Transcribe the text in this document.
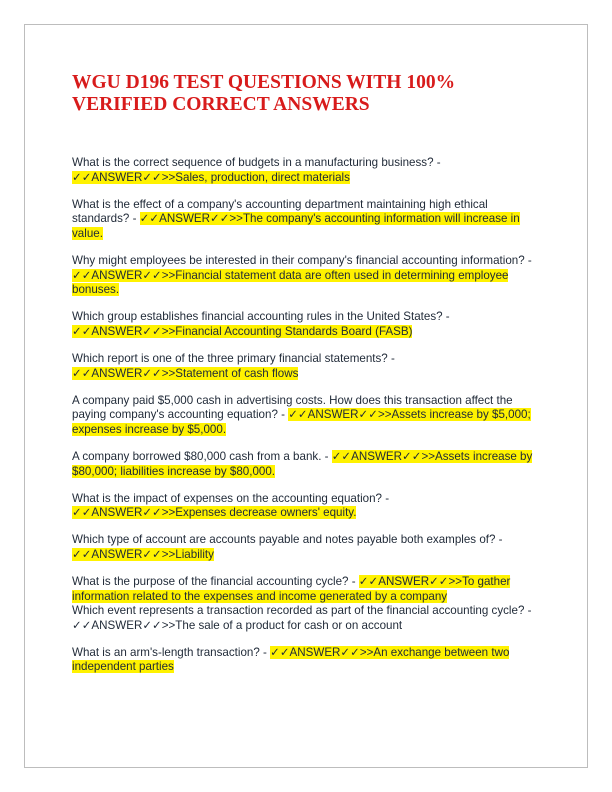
WGU D196 TEST QUESTIONS WITH 100% VERIFIED CORRECT ANSWERS

What is the correct sequence of budgets in a manufacturing business? - ✓✓ANSWER✓✓>>Sales, production, direct materials

What is the effect of a company's accounting department maintaining high ethical standards? - ✓✓ANSWER✓✓>>The company's accounting information will increase in value.

Why might employees be interested in their company's financial accounting information? - ✓✓ANSWER✓✓>>Financial statement data are often used in determining employee bonuses.

Which group establishes financial accounting rules in the United States? - ✓✓ANSWER✓✓>>Financial Accounting Standards Board (FASB)

Which report is one of the three primary financial statements? - ✓✓ANSWER✓✓>>Statement of cash flows

A company paid $5,000 cash in advertising costs. How does this transaction affect the paying company's accounting equation? - ✓✓ANSWER✓✓>>Assets increase by $5,000; expenses increase by $5,000.

A company borrowed $80,000 cash from a bank. - ✓✓ANSWER✓✓>>Assets increase by $80,000; liabilities increase by $80,000.

What is the impact of expenses on the accounting equation? - ✓✓ANSWER✓✓>>Expenses decrease owners' equity.

Which type of account are accounts payable and notes payable both examples of? - ✓✓ANSWER✓✓>>Liability

What is the purpose of the financial accounting cycle? - ✓✓ANSWER✓✓>>To gather information related to the expenses and income generated by a company

Which event represents a transaction recorded as part of the financial accounting cycle? - ✓✓ANSWER✓✓>>The sale of a product for cash or on account

What is an arm's-length transaction? - ✓✓ANSWER✓✓>>An exchange between two independent parties
